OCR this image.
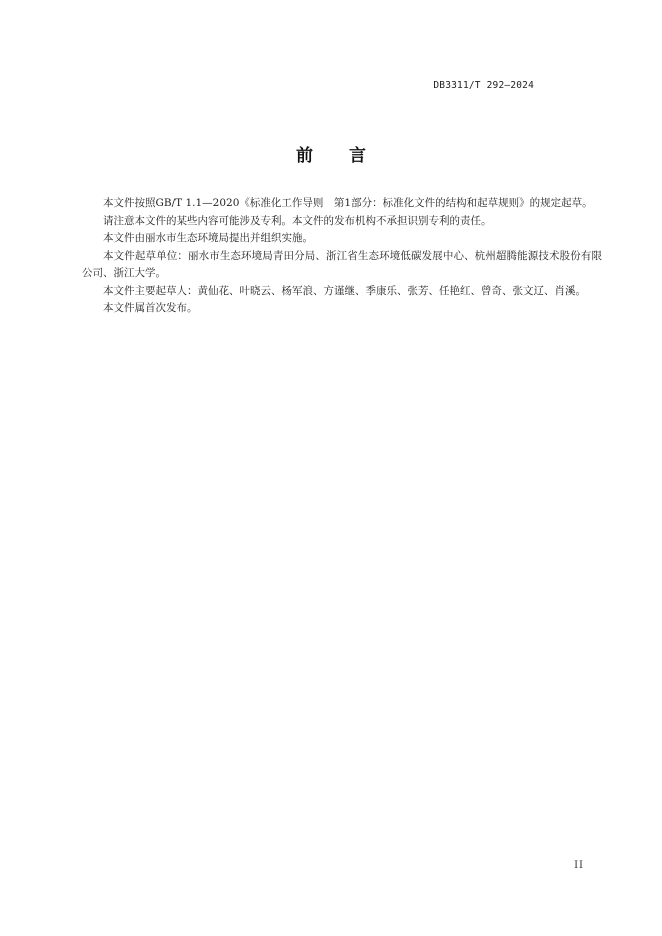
DB3311/T 292—2024
前言

本文件按照GB/T 1.1—2020《标准化工作导则　第1部分：标准化文件的结构和起草规则》的规定起草。

请注意本文件的某些内容可能涉及专利。本文件的发布机构不承担识别专利的责任。

本文件由丽水市生态环境局提出并组织实施。

本文件起草单位：丽水市生态环境局青田分局、浙江省生态环境低碳发展中心、杭州超腾能源技术股份有限公司、浙江大学。

本文件主要起草人：黄仙花、叶晓云、杨军浪、方谨继、季康乐、张芳、任艳红、曾奇、张文辽、肖溪。

本文件属首次发布。

II
